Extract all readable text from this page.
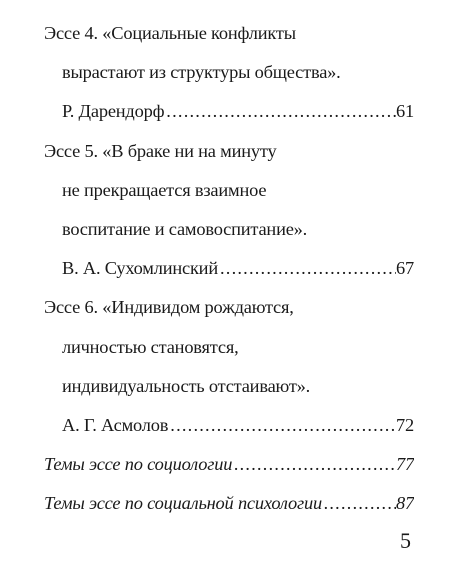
Эссе 4. «Социальные конфликты
вырастают из структуры общества».
Р. Дарендорф .....	61
Эссе 5. «В браке ни на минуту
не прекращается взаимное
воспитание и самовоспитание».
В. А. Сухомлинский .....	67
Эссе 6. «Индивидом рождаются,
личностью становятся,
индивидуальность отстаивают».
А. Г. Асмолов .....	72
Темы эссе по социологии .....	77
Темы эссе по социальной психологии .....	87
5
